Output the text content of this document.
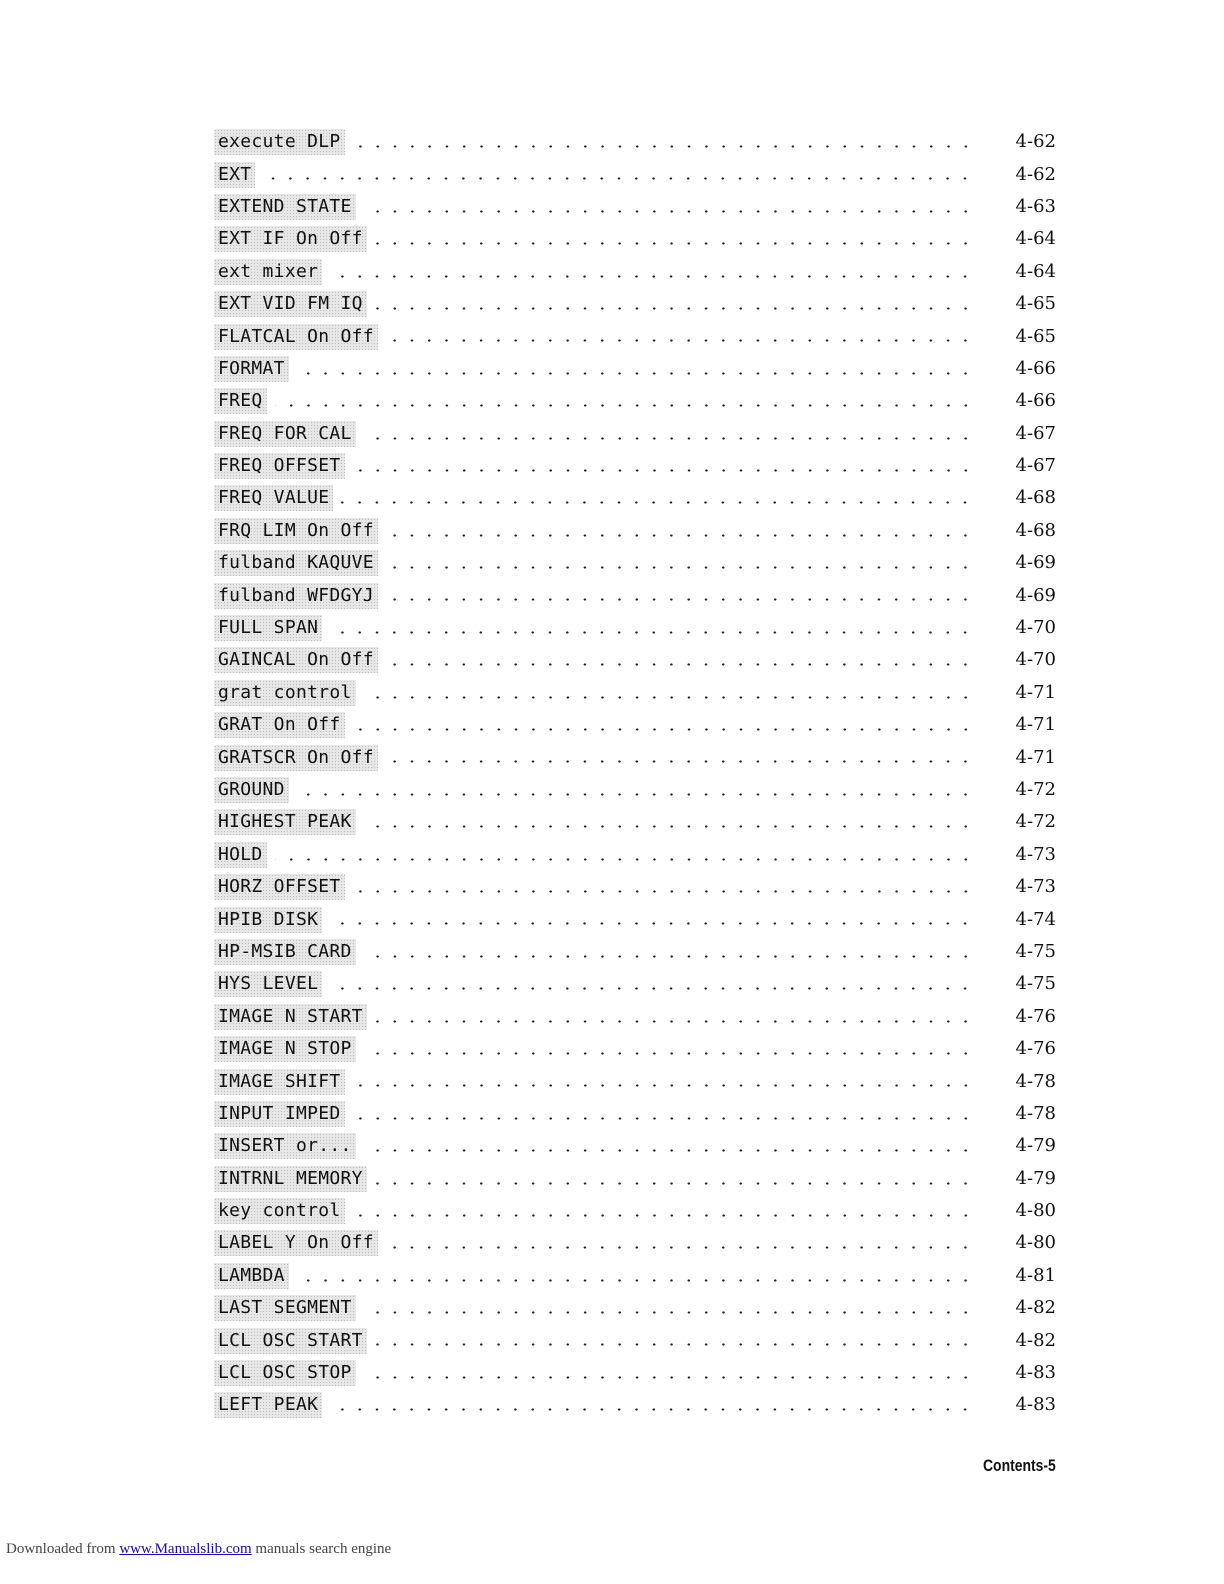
execute DLP	4-62
EXT	4-62
EXTEND STATE	4-63
EXT IF On Off	4-64
ext mixer	4-64
EXT VID FM IQ	4-65
FLATCAL On Off	4-65
FORMAT	4-66
FREQ	4-66
FREQ FOR CAL	4-67
FREQ OFFSET	4-67
FREQ VALUE	4-68
FRQ LIM On Off	4-68
fulband KAQUVE	4-69
fulband WFDGYJ	4-69
FULL SPAN	4-70
GAINCAL On Off	4-70
grat control	4-71
GRAT On Off	4-71
GRATSCR On Off	4-71
GROUND	4-72
HIGHEST PEAK	4-72
HOLD	4-73
HORZ OFFSET	4-73
HPIB DISK	4-74
HP-MSIB CARD	4-75
HYS LEVEL	4-75
IMAGE N START	4-76
IMAGE N STOP	4-76
IMAGE SHIFT	4-78
INPUT IMPED	4-78
INSERT or...	4-79
INTRNL MEMORY	4-79
key control	4-80
LABEL Y On Off	4-80
LAMBDA	4-81
LAST SEGMENT	4-82
LCL OSC START	4-82
LCL OSC STOP	4-83
LEFT PEAK	4-83
Contents-5
Downloaded from www.Manualslib.com manuals search engine
